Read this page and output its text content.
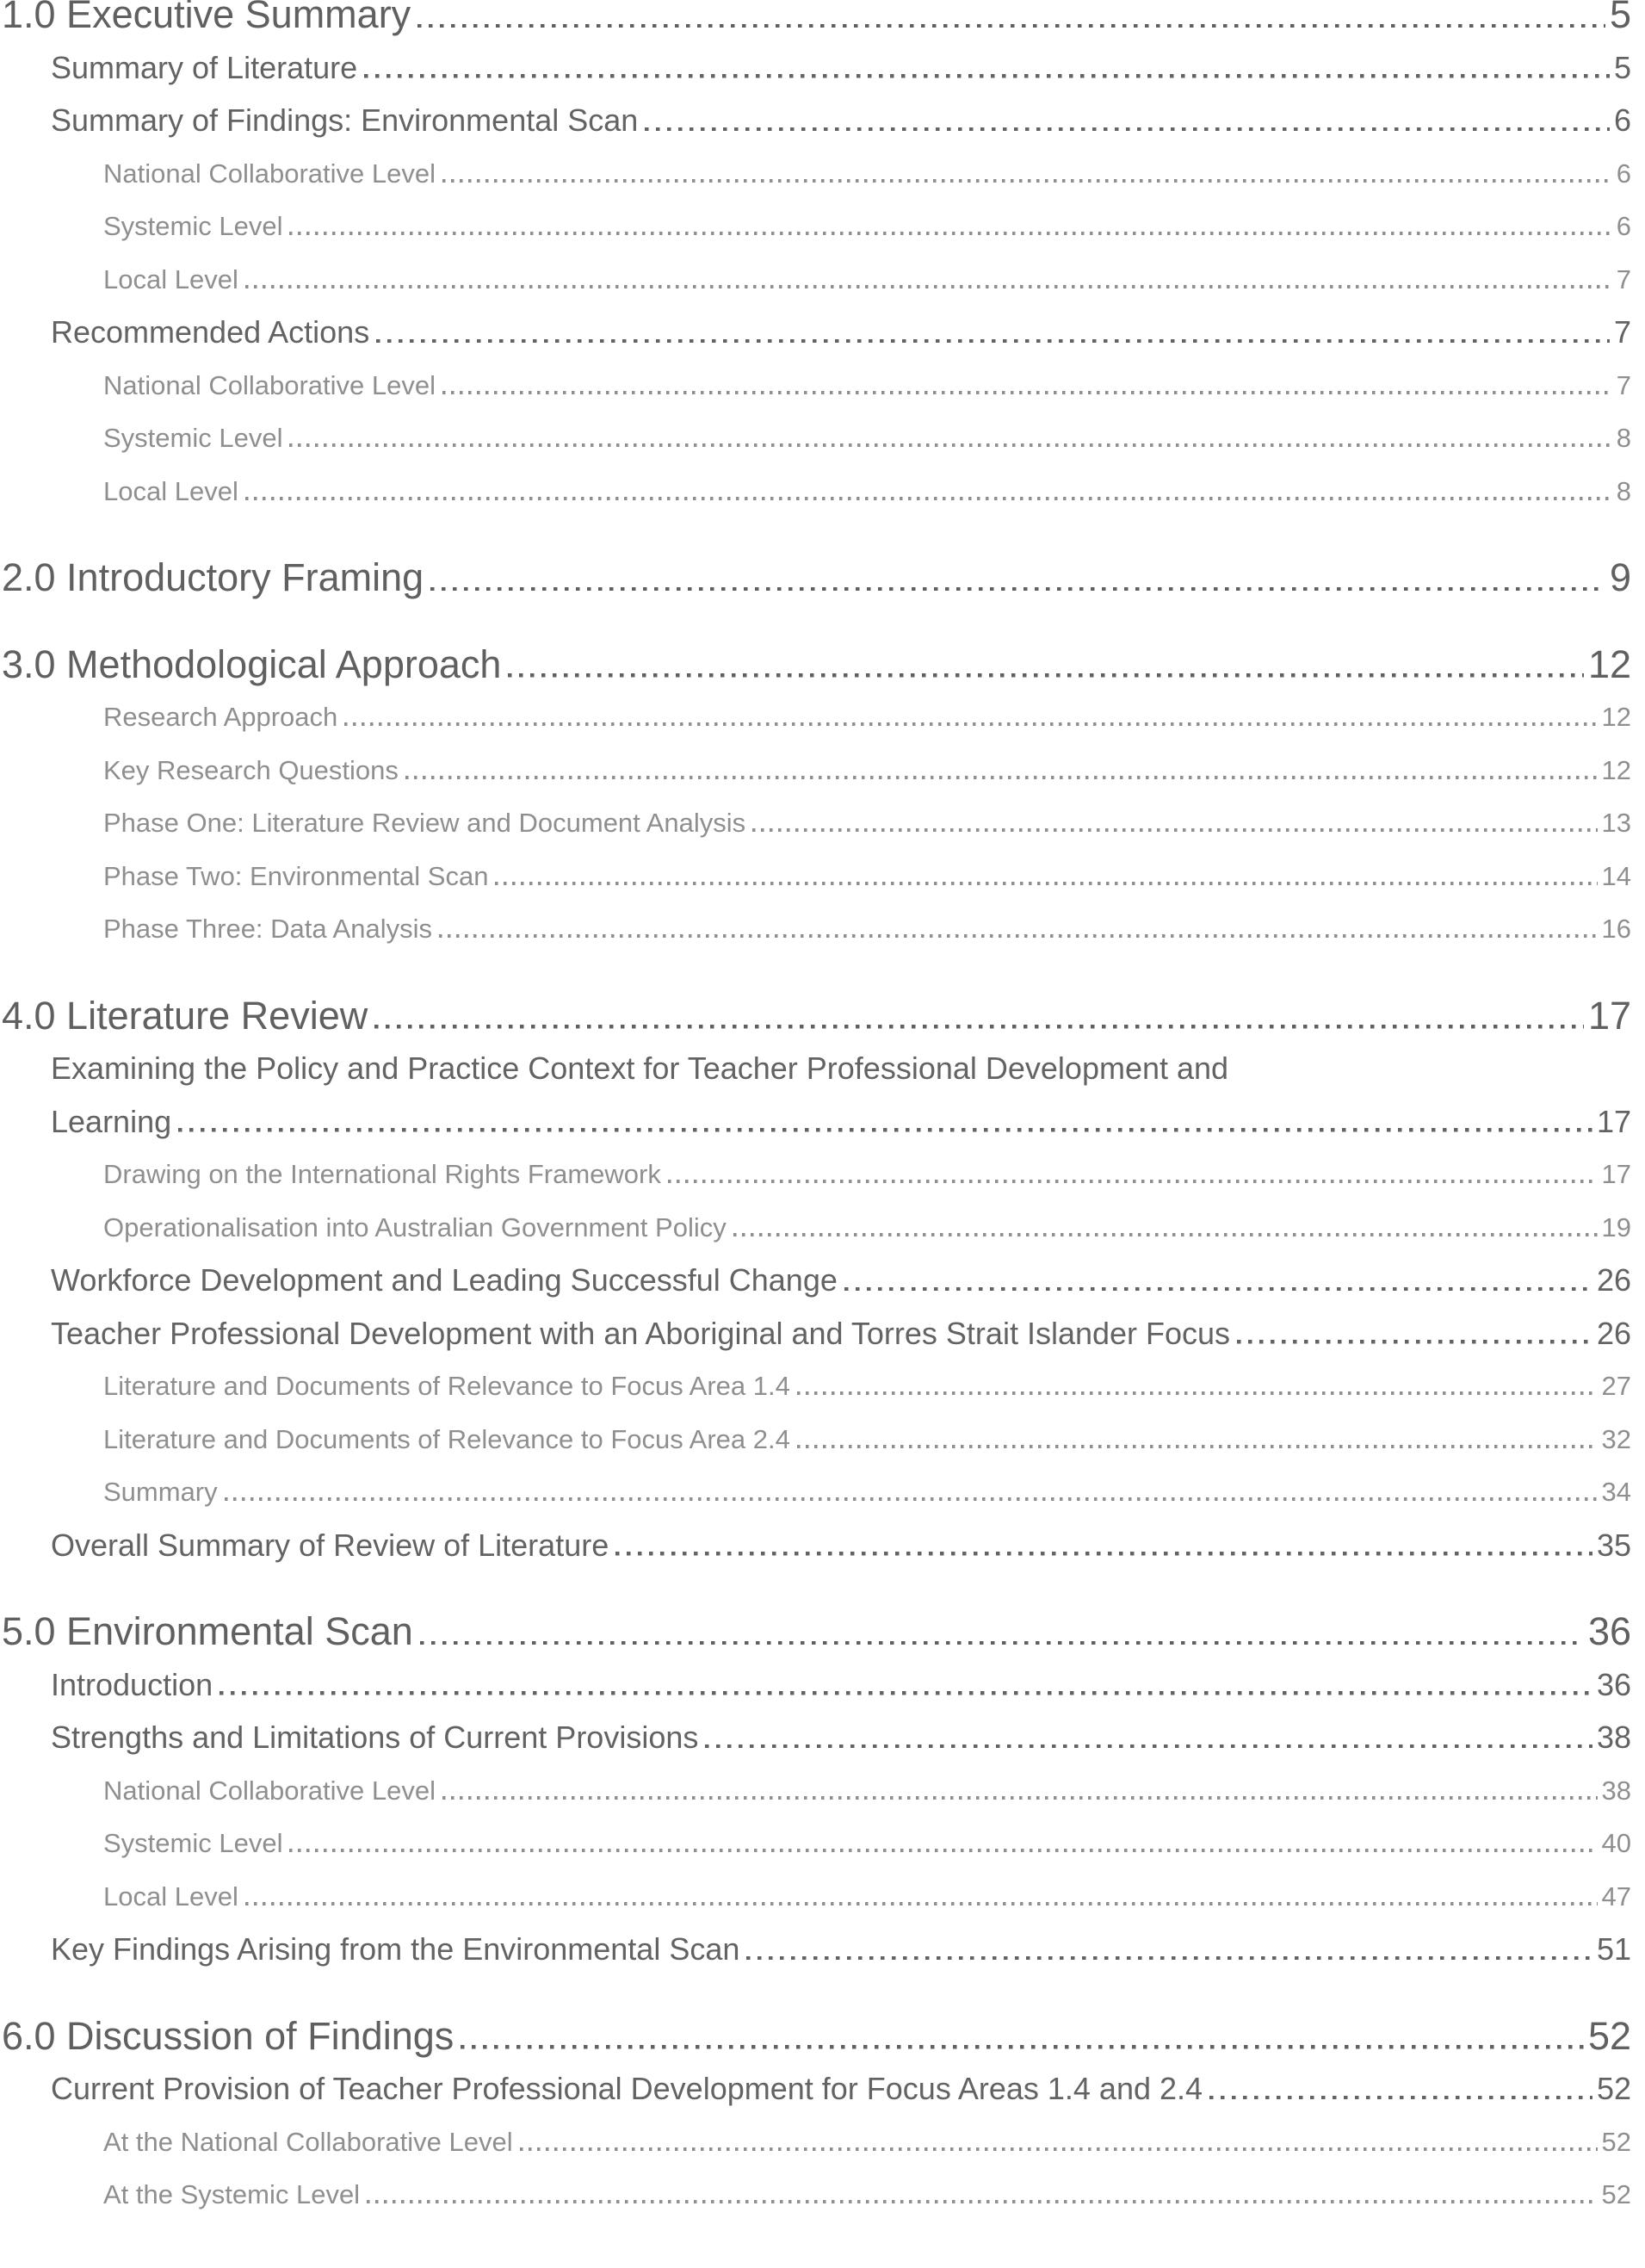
1.0 Executive Summary	5
Summary of Literature	5
Summary of Findings: Environmental Scan	6
National Collaborative Level	6
Systemic Level	6
Local Level	7
Recommended Actions	7
National Collaborative Level	7
Systemic Level	8
Local Level	8
2.0 Introductory Framing	9
3.0 Methodological Approach	12
Research Approach	12
Key Research Questions	12
Phase One: Literature Review and Document Analysis	13
Phase Two: Environmental Scan	14
Phase Three: Data Analysis	16
4.0 Literature Review	17
Examining the Policy and Practice Context for Teacher Professional Development and
Learning	17
Drawing on the International Rights Framework	17
Operationalisation into Australian Government Policy	19
Workforce Development and Leading Successful Change	26
Teacher Professional Development with an Aboriginal and Torres Strait Islander Focus	26
Literature and Documents of Relevance to Focus Area 1.4	27
Literature and Documents of Relevance to Focus Area 2.4	32
Summary	34
Overall Summary of Review of Literature	35
5.0 Environmental Scan	36
Introduction	36
Strengths and Limitations of Current Provisions	38
National Collaborative Level	38
Systemic Level	40
Local Level	47
Key Findings Arising from the Environmental Scan	51
6.0 Discussion of Findings	52
Current Provision of Teacher Professional Development for Focus Areas 1.4 and 2.4	52
At the National Collaborative Level	52
At the Systemic Level	52
